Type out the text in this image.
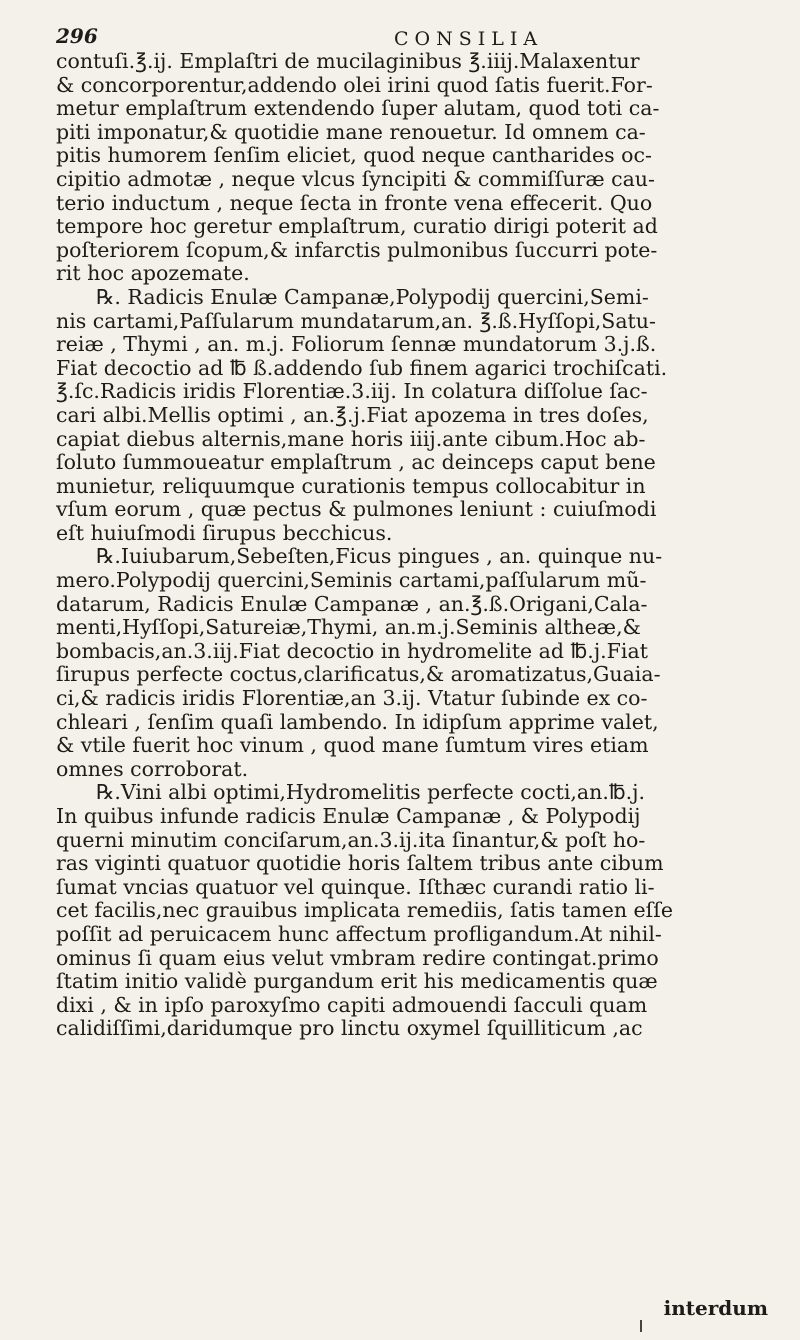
296	CONSILIA
contuſi.℥.ij. Emplaſtri de mucilaginibus ℥.iiij.Malaxentur
& concorporentur,addendo olei irini quod ſatis fuerit.For-
metur emplaſtrum extendendo ſuper alutam, quod toti ca-
piti imponatur,& quotidie mane renouetur. Id omnem ca-
pitis humorem ſenſim eliciet, quod neque cantharides oc-
cipitio admotæ , neque vlcus ſyncipiti & commiſſuræ cau-
terio inductum , neque ſecta in fronte vena effecerit. Quo
tempore hoc geretur emplaſtrum, curatio dirigi poterit ad
poſteriorem ſcopum,& infarctis pulmonibus ſuccurri pote-
rit hoc apozemate.
℞. Radicis Enulæ Campanæ,Polypodij quercini,Semi-
nis cartami,Paſſularum mundatarum,an. ℥.ß.Hyſſopi,Satu-
reiæ , Thymi , an. m.j. Foliorum ſennæ mundatorum 3.j.ß.
Fiat decoctio ad ℔ ß.addendo ſub finem agarici trochiſcati.
℥.ſc.Radicis iridis Florentiæ.3.iij. In colatura diſſolue ſac-
cari albi.Mellis optimi , an.℥.j.Fiat apozema in tres doſes,
capiat diebus alternis,mane horis iiij.ante cibum.Hoc ab-
ſoluto ſummoueatur emplaſtrum , ac deinceps caput bene
munietur, reliquumque curationis tempus collocabitur in
vſum eorum , quæ pectus & pulmones leniunt : cuiuſmodi
eſt huiuſmodi ſirupus becchicus.
℞.Iuiubarum,Sebeſten,Ficus pingues , an. quinque nu-
mero.Polypodij quercini,Seminis cartami,paſſularum mũ-
datarum, Radicis Enulæ Campanæ , an.℥.ß.Origani,Cala-
menti,Hyſſopi,Satureiæ,Thymi, an.m.j.Seminis altheæ,&
bombacis,an.3.iij.Fiat decoctio in hydromelite ad ℔.j.Fiat
ſirupus perfecte coctus,clarificatus,& aromatizatus,Guaia-
ci,& radicis iridis Florentiæ,an 3.ij. Vtatur ſubinde ex co-
chleari , ſenſim quaſi lambendo. In idipſum apprime valet,
& vtile fuerit hoc vinum , quod mane ſumtum vires etiam
omnes corroborat.
℞.Vini albi optimi,Hydromelitis perfecte cocti,an.℔.j.
In quibus infunde radicis Enulæ Campanæ , & Polypodij
querni minutim conciſarum,an.3.ij.ita ſinantur,& poſt ho-
ras viginti quatuor quotidie horis ſaltem tribus ante cibum
ſumat vncias quatuor vel quinque. Iſthæc curandi ratio li-
cet facilis,nec grauibus implicata remediis, ſatis tamen eſſe
poſſit ad peruicacem hunc affectum profligandum.At nihil-
ominus ſi quam eius velut vmbram redire contingat.primo
ſtatim initio validè purgandum erit his medicamentis quæ
dixi , & in ipſo paroxyſmo capiti admouendi ſacculi quam
calidiſſimi,daridumque pro linctu oxymel ſquilliticum ,ac
interdum
